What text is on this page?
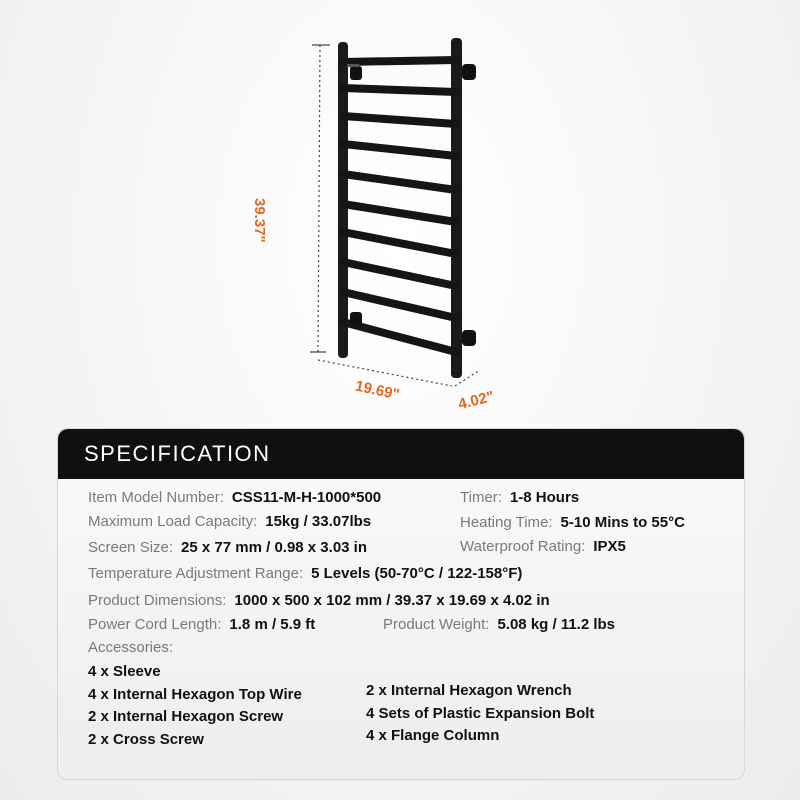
39.37"
19.69"	4.02"
SPECIFICATION
Item Model Number: CSS11-M-H-1000*500	Timer: 1-8 Hours
Maximum Load Capacity: 15kg / 33.07lbs	Heating Time: 5-10 Mins to 55°C
Screen Size: 25 x 77 mm / 0.98 x 3.03 in	Waterproof Rating: IPX5
Temperature Adjustment Range: 5 Levels (50-70°C / 122-158°F)
Product Dimensions: 1000 x 500 x 102 mm / 39.37 x 19.69 x 4.02 in
Power Cord Length: 1.8 m / 5.9 ft	Product Weight: 5.08 kg / 11.2 lbs
Accessories:
4 x Sleeve
4 x Internal Hexagon Top Wire
2 x Internal Hexagon Screw
2 x Cross Screw
2 x Internal Hexagon Wrench
4 Sets of Plastic Expansion Bolt
4 x Flange Column
